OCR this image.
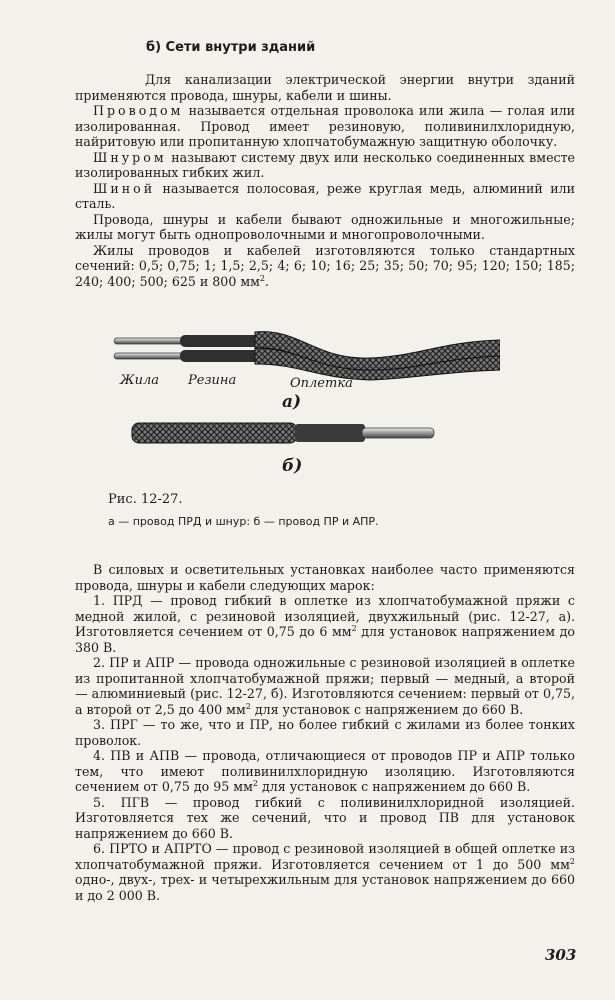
б) Сети внутри зданий

Для канализации электрической энергии внутри зданий применяются провода, шнуры, кабели и шины.

Проводом называется отдельная проволока или жила — голая или изолированная. Провод имеет резиновую, поливинилхлоридную, найритовую или пропитанную хлопчатобумажную защитную оболочку.

Шнуром называют систему двух или несколько соединенных вместе изолированных гибких жил.

Шиной называется полосовая, реже круглая медь, алюминий или сталь.

Провода, шнуры и кабели бывают одножильные и многожильные; жилы могут быть однопроволочными и многопроволочными.

Жилы проводов и кабелей изготовляются только стандартных сечений: 0,5; 0,75; 1; 1,5; 2,5; 4; 6; 10; 16; 25; 35; 50; 70; 95; 120; 150; 185; 240; 400; 500; 625 и 800 $мм^2$.

Жила Резина	Оплетка
а)
б)
Рис. 12-27.
а — провод ПРД и шнур: б — провод ПР и АПР.

В силовых и осветительных установках наиболее часто применяются провода, шнуры и кабели следующих марок:

1. ПРД — провод гибкий в оплетке из хлопчатобумажной пряжи с медной жилой, с резиновой изоляцией, двухжильный (рис. 12-27, а). Изготовляется сечением от 0,75 до 6 $мм^2$ для установок напряжением до 380 В.

2. ПР и АПР — провода одножильные с резиновой изоляцией в оплетке из пропитанной хлопчатобумажной пряжи; первый — медный, а второй — алюминиевый (рис. 12-27, б). Изготовляются сечением: первый от 0,75, а второй от 2,5 до 400 $мм^2$ для установок с напряжением до 660 В.

3. ПРГ — то же, что и ПР, но более гибкий с жилами из более тонких проволок.

4. ПВ и АПВ — провода, отличающиеся от проводов ПР и АПР только тем, что имеют поливинилхлоридную изоляцию. Изготовляются сечением от 0,75 до 95 $мм^2$ для установок с напряжением до 660 В.

5. ПГВ — провод гибкий с поливинилхлоридной изоляцией. Изготовляется тех же сечений, что и провод ПВ для установок напряжением до 660 В.

6. ПРТО и АПРТО — провод с резиновой изоляцией в общей оплетке из хлопчатобумажной пряжи. Изготовляется сечением от 1 до 500 $мм^2$ одно-, двух-, трех- и четырехжильным для установок напряжением до 660 и до 2 000 В.

303
